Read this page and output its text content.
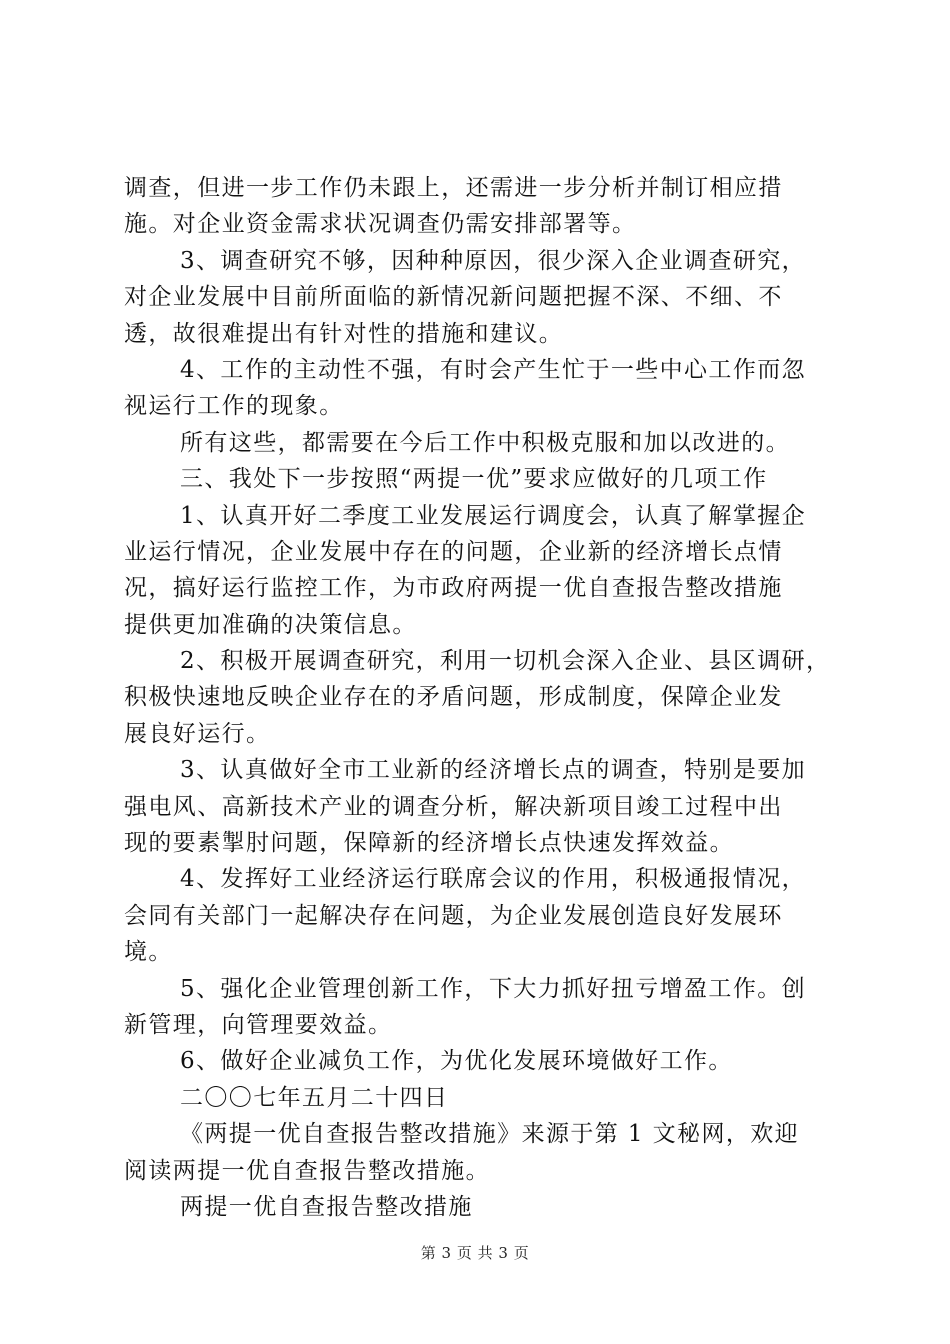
调查，但进一步工作仍未跟上，还需进一步分析并制订相应措
施。对企业资金需求状况调查仍需安排部署等。
3、调查研究不够，因种种原因，很少深入企业调查研究，
对企业发展中目前所面临的新情况新问题把握不深、不细、不
透，故很难提出有针对性的措施和建议。
4、工作的主动性不强，有时会产生忙于一些中心工作而忽
视运行工作的现象。
所有这些，都需要在今后工作中积极克服和加以改进的。
三、我处下一步按照“两提一优”要求应做好的几项工作
1、认真开好二季度工业发展运行调度会，认真了解掌握企
业运行情况，企业发展中存在的问题，企业新的经济增长点情
况，搞好运行监控工作，为市政府两提一优自查报告整改措施
提供更加准确的决策信息。
2、积极开展调查研究，利用一切机会深入企业、县区调研，
积极快速地反映企业存在的矛盾问题，形成制度，保障企业发
展良好运行。
3、认真做好全市工业新的经济增长点的调查，特别是要加
强电风、高新技术产业的调查分析，解决新项目竣工过程中出
现的要素掣肘问题，保障新的经济增长点快速发挥效益。
4、发挥好工业经济运行联席会议的作用，积极通报情况，
会同有关部门一起解决存在问题，为企业发展创造良好发展环
境。
5、强化企业管理创新工作，下大力抓好扭亏增盈工作。创
新管理，向管理要效益。
6、做好企业减负工作，为优化发展环境做好工作。
二〇〇七年五月二十四日
《两提一优自查报告整改措施》来源于第 1 文秘网，欢迎
阅读两提一优自查报告整改措施。
两提一优自查报告整改措施
第 3 页 共 3 页
